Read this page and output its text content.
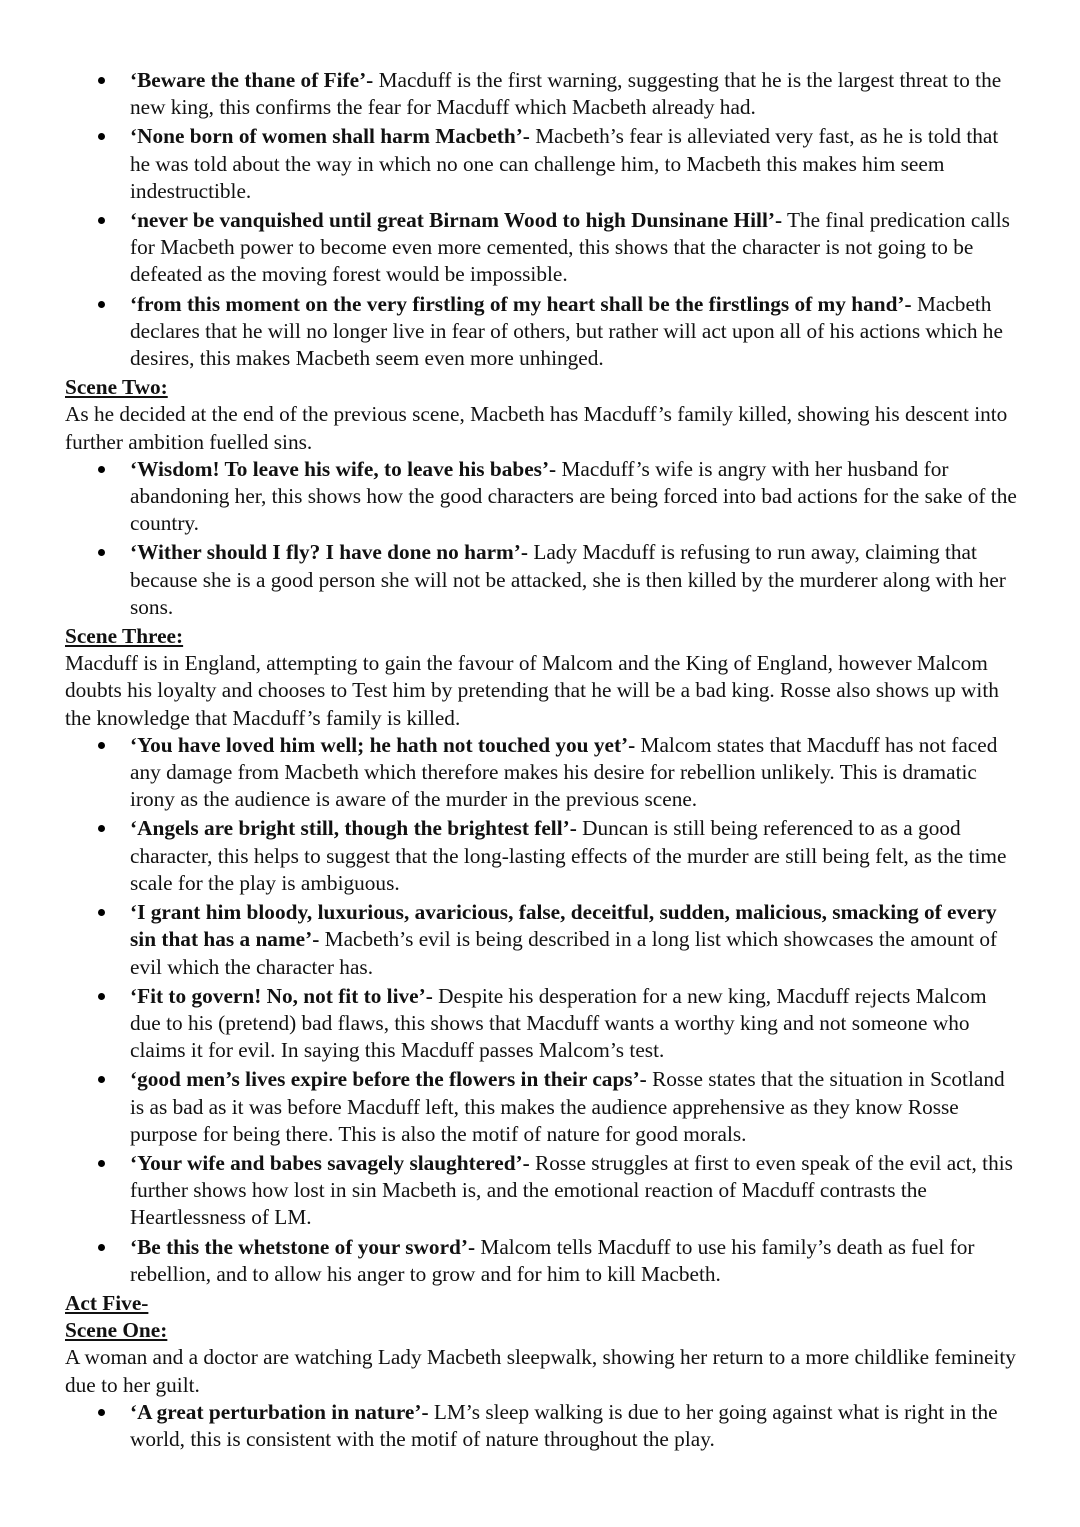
‘Beware the thane of Fife’- Macduff is the first warning, suggesting that he is the largest threat to the new king, this confirms the fear for Macduff which Macbeth already had.
‘None born of women shall harm Macbeth’- Macbeth’s fear is alleviated very fast, as he is told that he was told about the way in which no one can challenge him, to Macbeth this makes him seem indestructible.
‘never be vanquished until great Birnam Wood to high Dunsinane Hill’- The final predication calls for Macbeth power to become even more cemented, this shows that the character is not going to be defeated as the moving forest would be impossible.
‘from this moment on the very firstling of my heart shall be the firstlings of my hand’- Macbeth declares that he will no longer live in fear of others, but rather will act upon all of his actions which he desires, this makes Macbeth seem even more unhinged.

Scene Two:

As he decided at the end of the previous scene, Macbeth has Macduff’s family killed, showing his descent into further ambition fuelled sins.

‘Wisdom! To leave his wife, to leave his babes’- Macduff’s wife is angry with her husband for abandoning her, this shows how the good characters are being forced into bad actions for the sake of the country.
‘Wither should I fly? I have done no harm’- Lady Macduff is refusing to run away, claiming that because she is a good person she will not be attacked, she is then killed by the murderer along with her sons.

Scene Three:

Macduff is in England, attempting to gain the favour of Malcom and the King of England, however Malcom doubts his loyalty and chooses to Test him by pretending that he will be a bad king. Rosse also shows up with the knowledge that Macduff’s family is killed.

‘You have loved him well; he hath not touched you yet’- Malcom states that Macduff has not faced any damage from Macbeth which therefore makes his desire for rebellion unlikely. This is dramatic irony as the audience is aware of the murder in the previous scene.
‘Angels are bright still, though the brightest fell’- Duncan is still being referenced to as a good character, this helps to suggest that the long-lasting effects of the murder are still being felt, as the time scale for the play is ambiguous.
‘I grant him bloody, luxurious, avaricious, false, deceitful, sudden, malicious, smacking of every sin that has a name’- Macbeth’s evil is being described in a long list which showcases the amount of evil which the character has.
‘Fit to govern! No, not fit to live’- Despite his desperation for a new king, Macduff rejects Malcom due to his (pretend) bad flaws, this shows that Macduff wants a worthy king and not someone who claims it for evil. In saying this Macduff passes Malcom’s test.
‘good men’s lives expire before the flowers in their caps’- Rosse states that the situation in Scotland is as bad as it was before Macduff left, this makes the audience apprehensive as they know Rosse purpose for being there. This is also the motif of nature for good morals.
‘Your wife and babes savagely slaughtered’- Rosse struggles at first to even speak of the evil act, this further shows how lost in sin Macbeth is, and the emotional reaction of Macduff contrasts the Heartlessness of LM.
‘Be this the whetstone of your sword’- Malcom tells Macduff to use his family’s death as fuel for rebellion, and to allow his anger to grow and for him to kill Macbeth.

Act Five-

Scene One:

A woman and a doctor are watching Lady Macbeth sleepwalk, showing her return to a more childlike femineity due to her guilt.

‘A great perturbation in nature’- LM’s sleep walking is due to her going against what is right in the world, this is consistent with the motif of nature throughout the play.
